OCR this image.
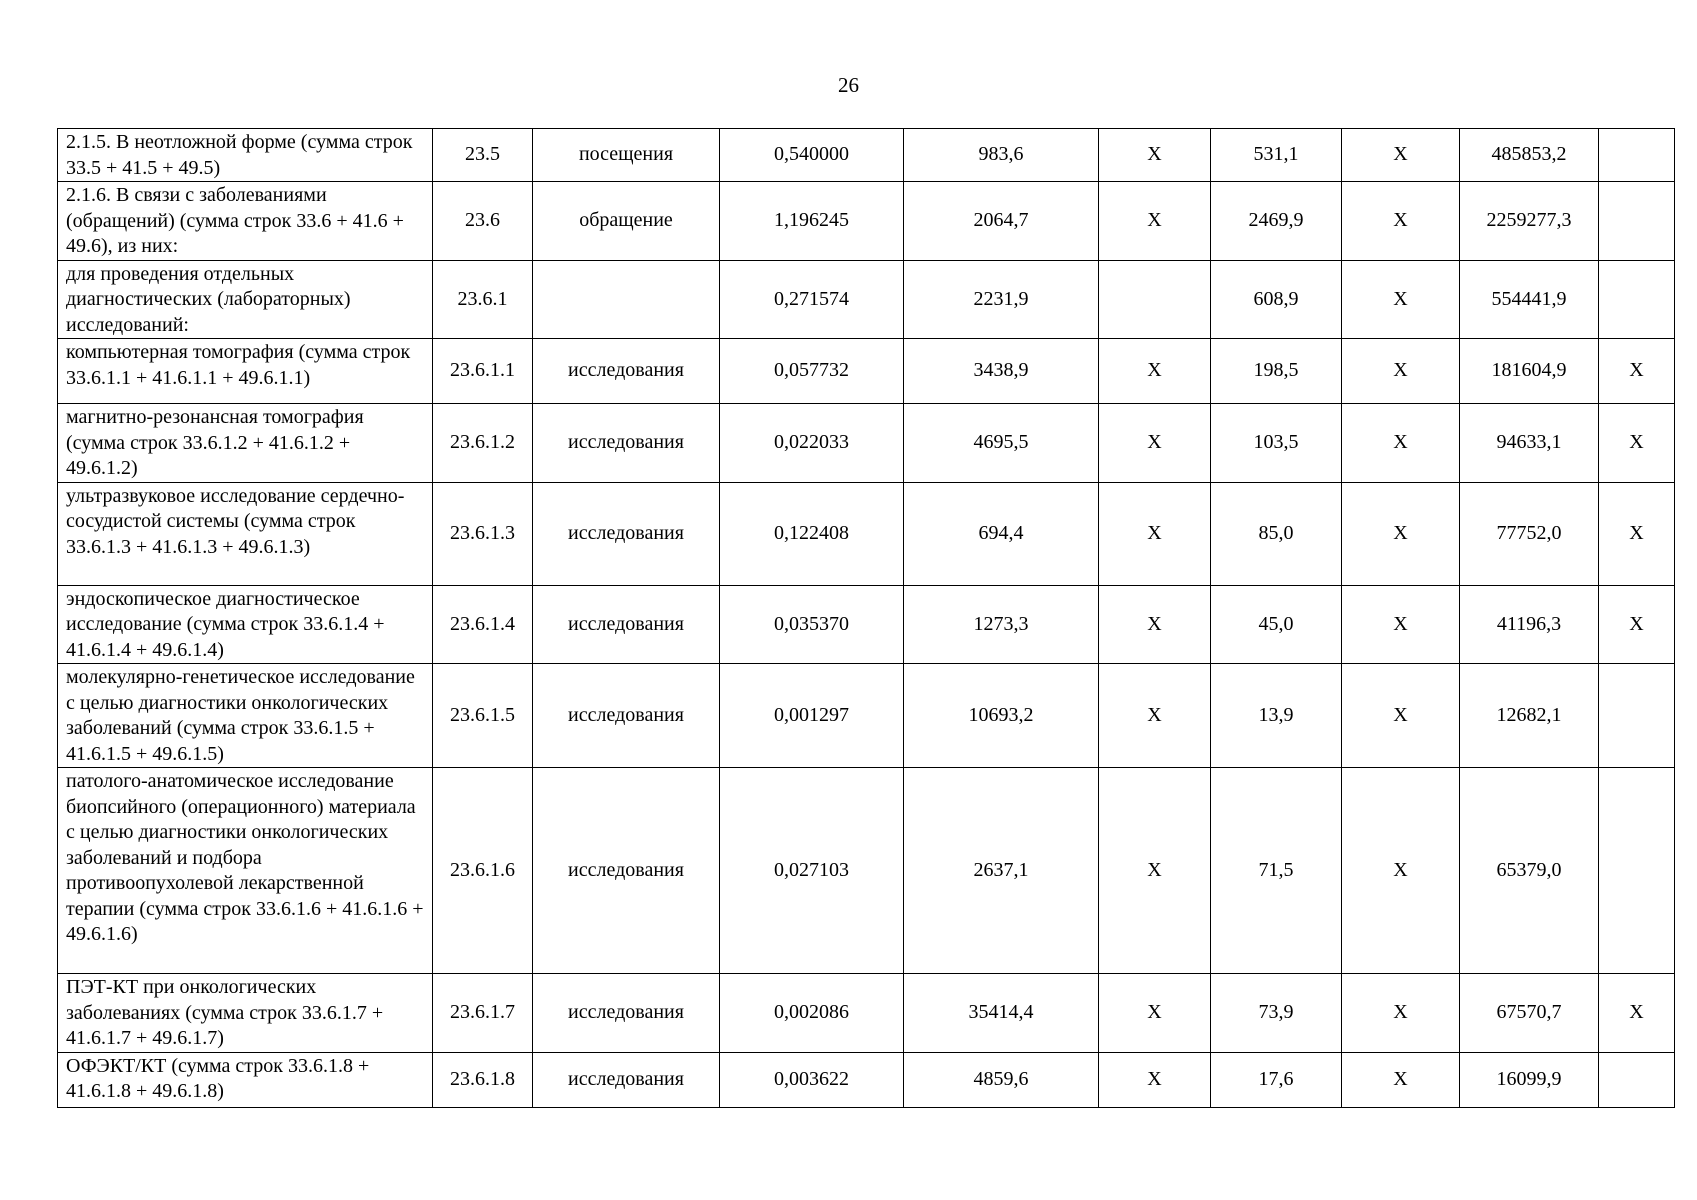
26
2.1.5. В неотложной форме (сумма строк 33.5 + 41.5 + 49.5)	23.5	посещения	0,540000	983,6	Х	531,1	Х	485853,2	
2.1.6. В связи с заболеваниями (обращений) (сумма строк 33.6 + 41.6 + 49.6), из них:	23.6	обращение	1,196245	2064,7	Х	2469,9	Х	2259277,3	
для проведения отдельных диагностических (лабораторных) исследований:	23.6.1		0,271574	2231,9		608,9	Х	554441,9	
компьютерная томография (сумма строк 33.6.1.1 + 41.6.1.1 + 49.6.1.1)	23.6.1.1	исследования	0,057732	3438,9	Х	198,5	Х	181604,9	Х
магнитно-резонансная томография (сумма строк 33.6.1.2 + 41.6.1.2 + 49.6.1.2)	23.6.1.2	исследования	0,022033	4695,5	Х	103,5	Х	94633,1	Х
ультразвуковое исследование сердечно-сосудистой системы (сумма строк 33.6.1.3 + 41.6.1.3 + 49.6.1.3)	23.6.1.3	исследования	0,122408	694,4	Х	85,0	Х	77752,0	Х
эндоскопическое диагностическое исследование (сумма строк 33.6.1.4 + 41.6.1.4 + 49.6.1.4)	23.6.1.4	исследования	0,035370	1273,3	Х	45,0	Х	41196,3	Х
молекулярно-генетическое исследование с целью диагностики онкологических заболеваний (сумма строк 33.6.1.5 + 41.6.1.5 + 49.6.1.5)	23.6.1.5	исследования	0,001297	10693,2	Х	13,9	Х	12682,1	
патолого-анатомическое исследование биопсийного (операционного) материала с целью диагностики онкологических заболеваний и подбора противоопухолевой лекарственной терапии (сумма строк 33.6.1.6 + 41.6.1.6 + 49.6.1.6)	23.6.1.6	исследования	0,027103	2637,1	Х	71,5	Х	65379,0	
ПЭТ-КТ при онкологических заболеваниях (сумма строк 33.6.1.7 + 41.6.1.7 + 49.6.1.7)	23.6.1.7	исследования	0,002086	35414,4	Х	73,9	Х	67570,7	Х
ОФЭКТ/КТ (сумма строк 33.6.1.8 + 41.6.1.8 + 49.6.1.8)	23.6.1.8	исследования	0,003622	4859,6	Х	17,6	Х	16099,9	
